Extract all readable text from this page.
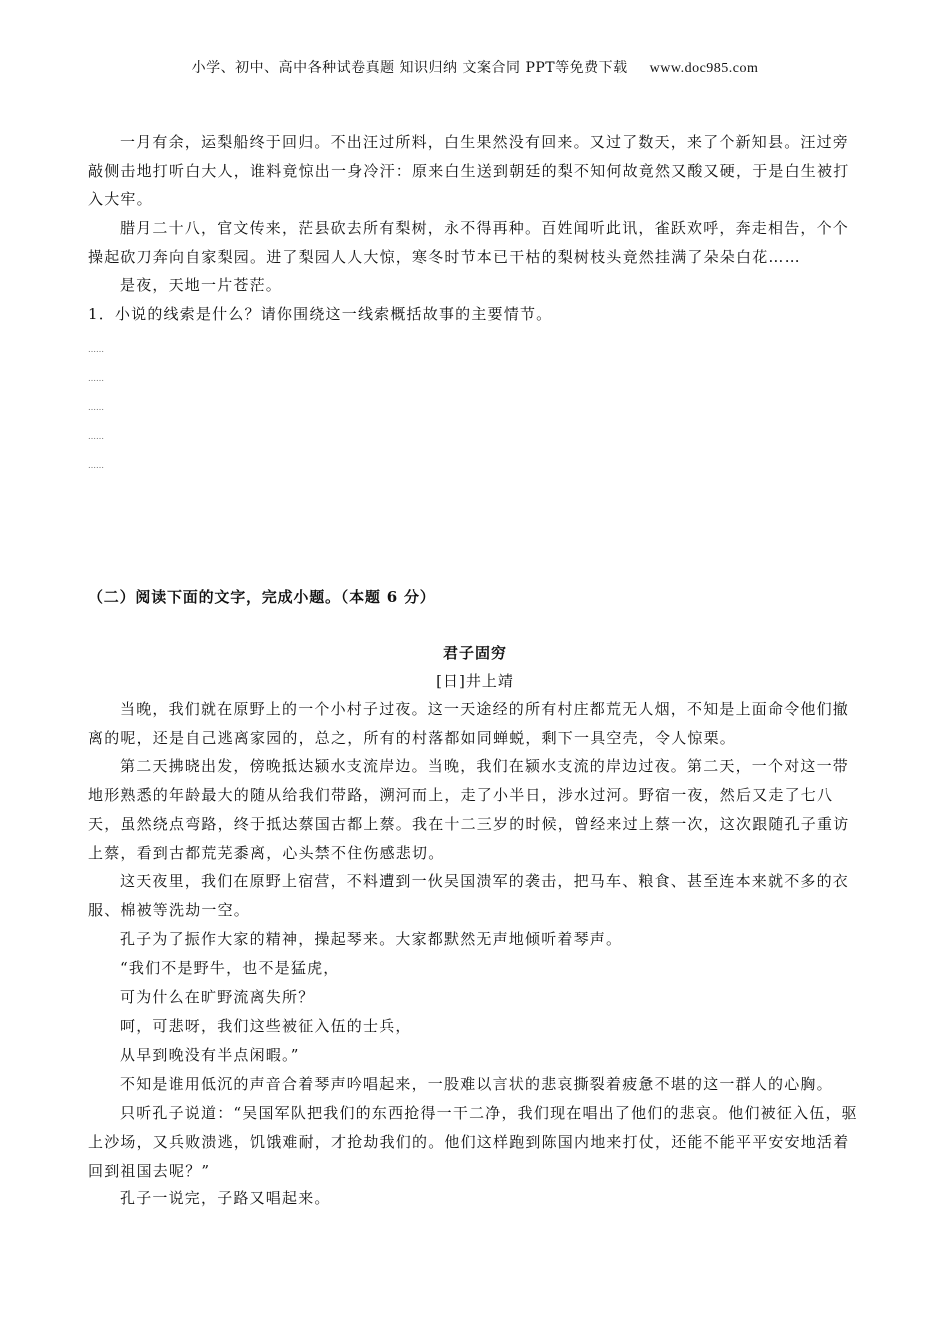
小学、初中、高中各种试卷真题 知识归纳 文案合同 PPT等免费下载 www.doc985.com
一月有余，运梨船终于回归。不出汪过所料，白生果然没有回来。又过了数天，来了个新知县。汪过旁敲侧击地打听白大人，谁料竟惊出一身冷汗：原来白生送到朝廷的梨不知何故竟然又酸又硬，于是白生被打入大牢。
腊月二十八，官文传来，茫县砍去所有梨树，永不得再种。百姓闻听此讯，雀跃欢呼，奔走相告，个个操起砍刀奔向自家梨园。进了梨园人人大惊，寒冬时节本已干枯的梨树枝头竟然挂满了朵朵白花……
是夜，天地一片苍茫。
1．小说的线索是什么？请你围绕这一线索概括故事的主要情节。
……
……
……
……
……
（二）阅读下面的文字，完成小题。（本题 6 分）
君子固穷
[日]井上靖
当晚，我们就在原野上的一个小村子过夜。这一天途经的所有村庄都荒无人烟，不知是上面命令他们撤离的呢，还是自己逃离家园的，总之，所有的村落都如同蝉蜕，剩下一具空壳，令人惊栗。
第二天拂晓出发，傍晚抵达颍水支流岸边。当晚，我们在颍水支流的岸边过夜。第二天，一个对这一带地形熟悉的年龄最大的随从给我们带路，溯河而上，走了小半日，涉水过河。野宿一夜，然后又走了七八天，虽然绕点弯路，终于抵达蔡国古都上蔡。我在十二三岁的时候，曾经来过上蔡一次，这次跟随孔子重访上蔡，看到古都荒芜黍离，心头禁不住伤感悲切。
这天夜里，我们在原野上宿营，不料遭到一伙吴国溃军的袭击，把马车、粮食、甚至连本来就不多的衣服、棉被等洗劫一空。
孔子为了振作大家的精神，操起琴来。大家都默然无声地倾听着琴声。
“我们不是野牛，也不是猛虎，
可为什么在旷野流离失所？
呵，可悲呀，我们这些被征入伍的士兵，
从早到晚没有半点闲暇。”
不知是谁用低沉的声音合着琴声吟唱起来，一股难以言状的悲哀撕裂着疲惫不堪的这一群人的心胸。
只听孔子说道：“吴国军队把我们的东西抢得一干二净，我们现在唱出了他们的悲哀。他们被征入伍，驱上沙场，又兵败溃逃，饥饿难耐，才抢劫我们的。他们这样跑到陈国内地来打仗，还能不能平平安安地活着回到祖国去呢？”
孔子一说完，子路又唱起来。
